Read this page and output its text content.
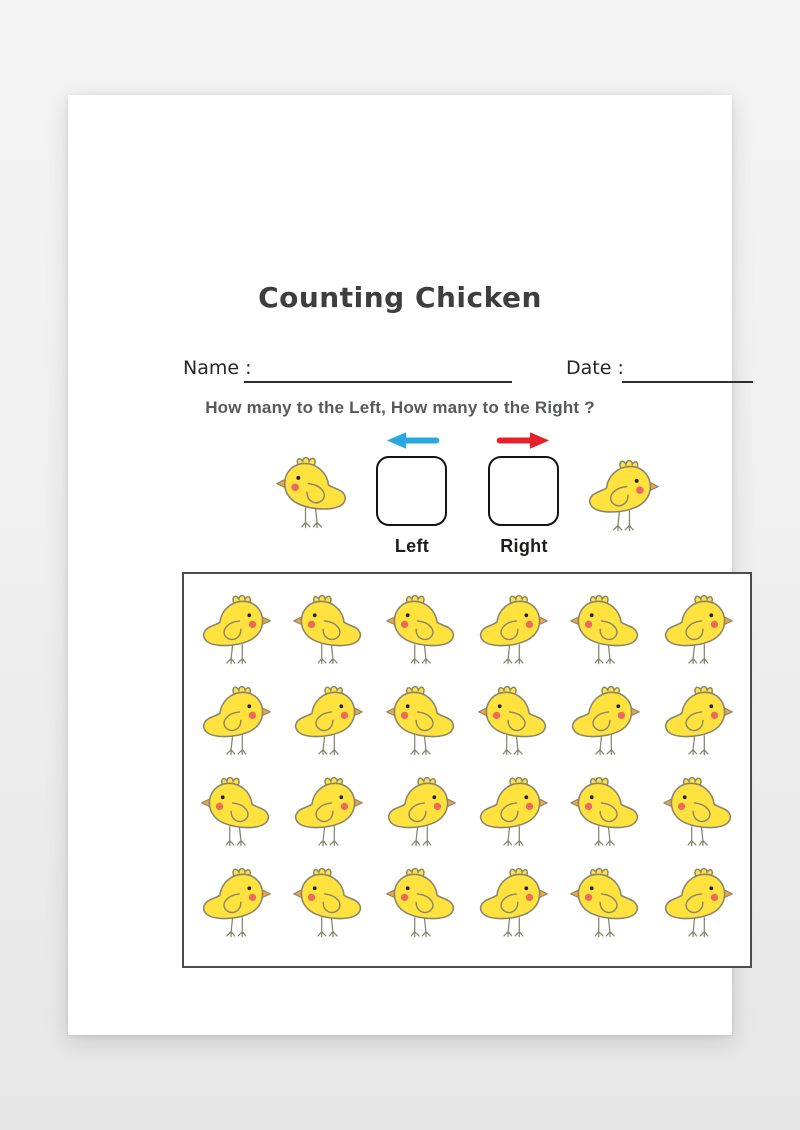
Counting Chicken
Name :	Date :
How many to the Left, How many to the Right ?
Left	Right
